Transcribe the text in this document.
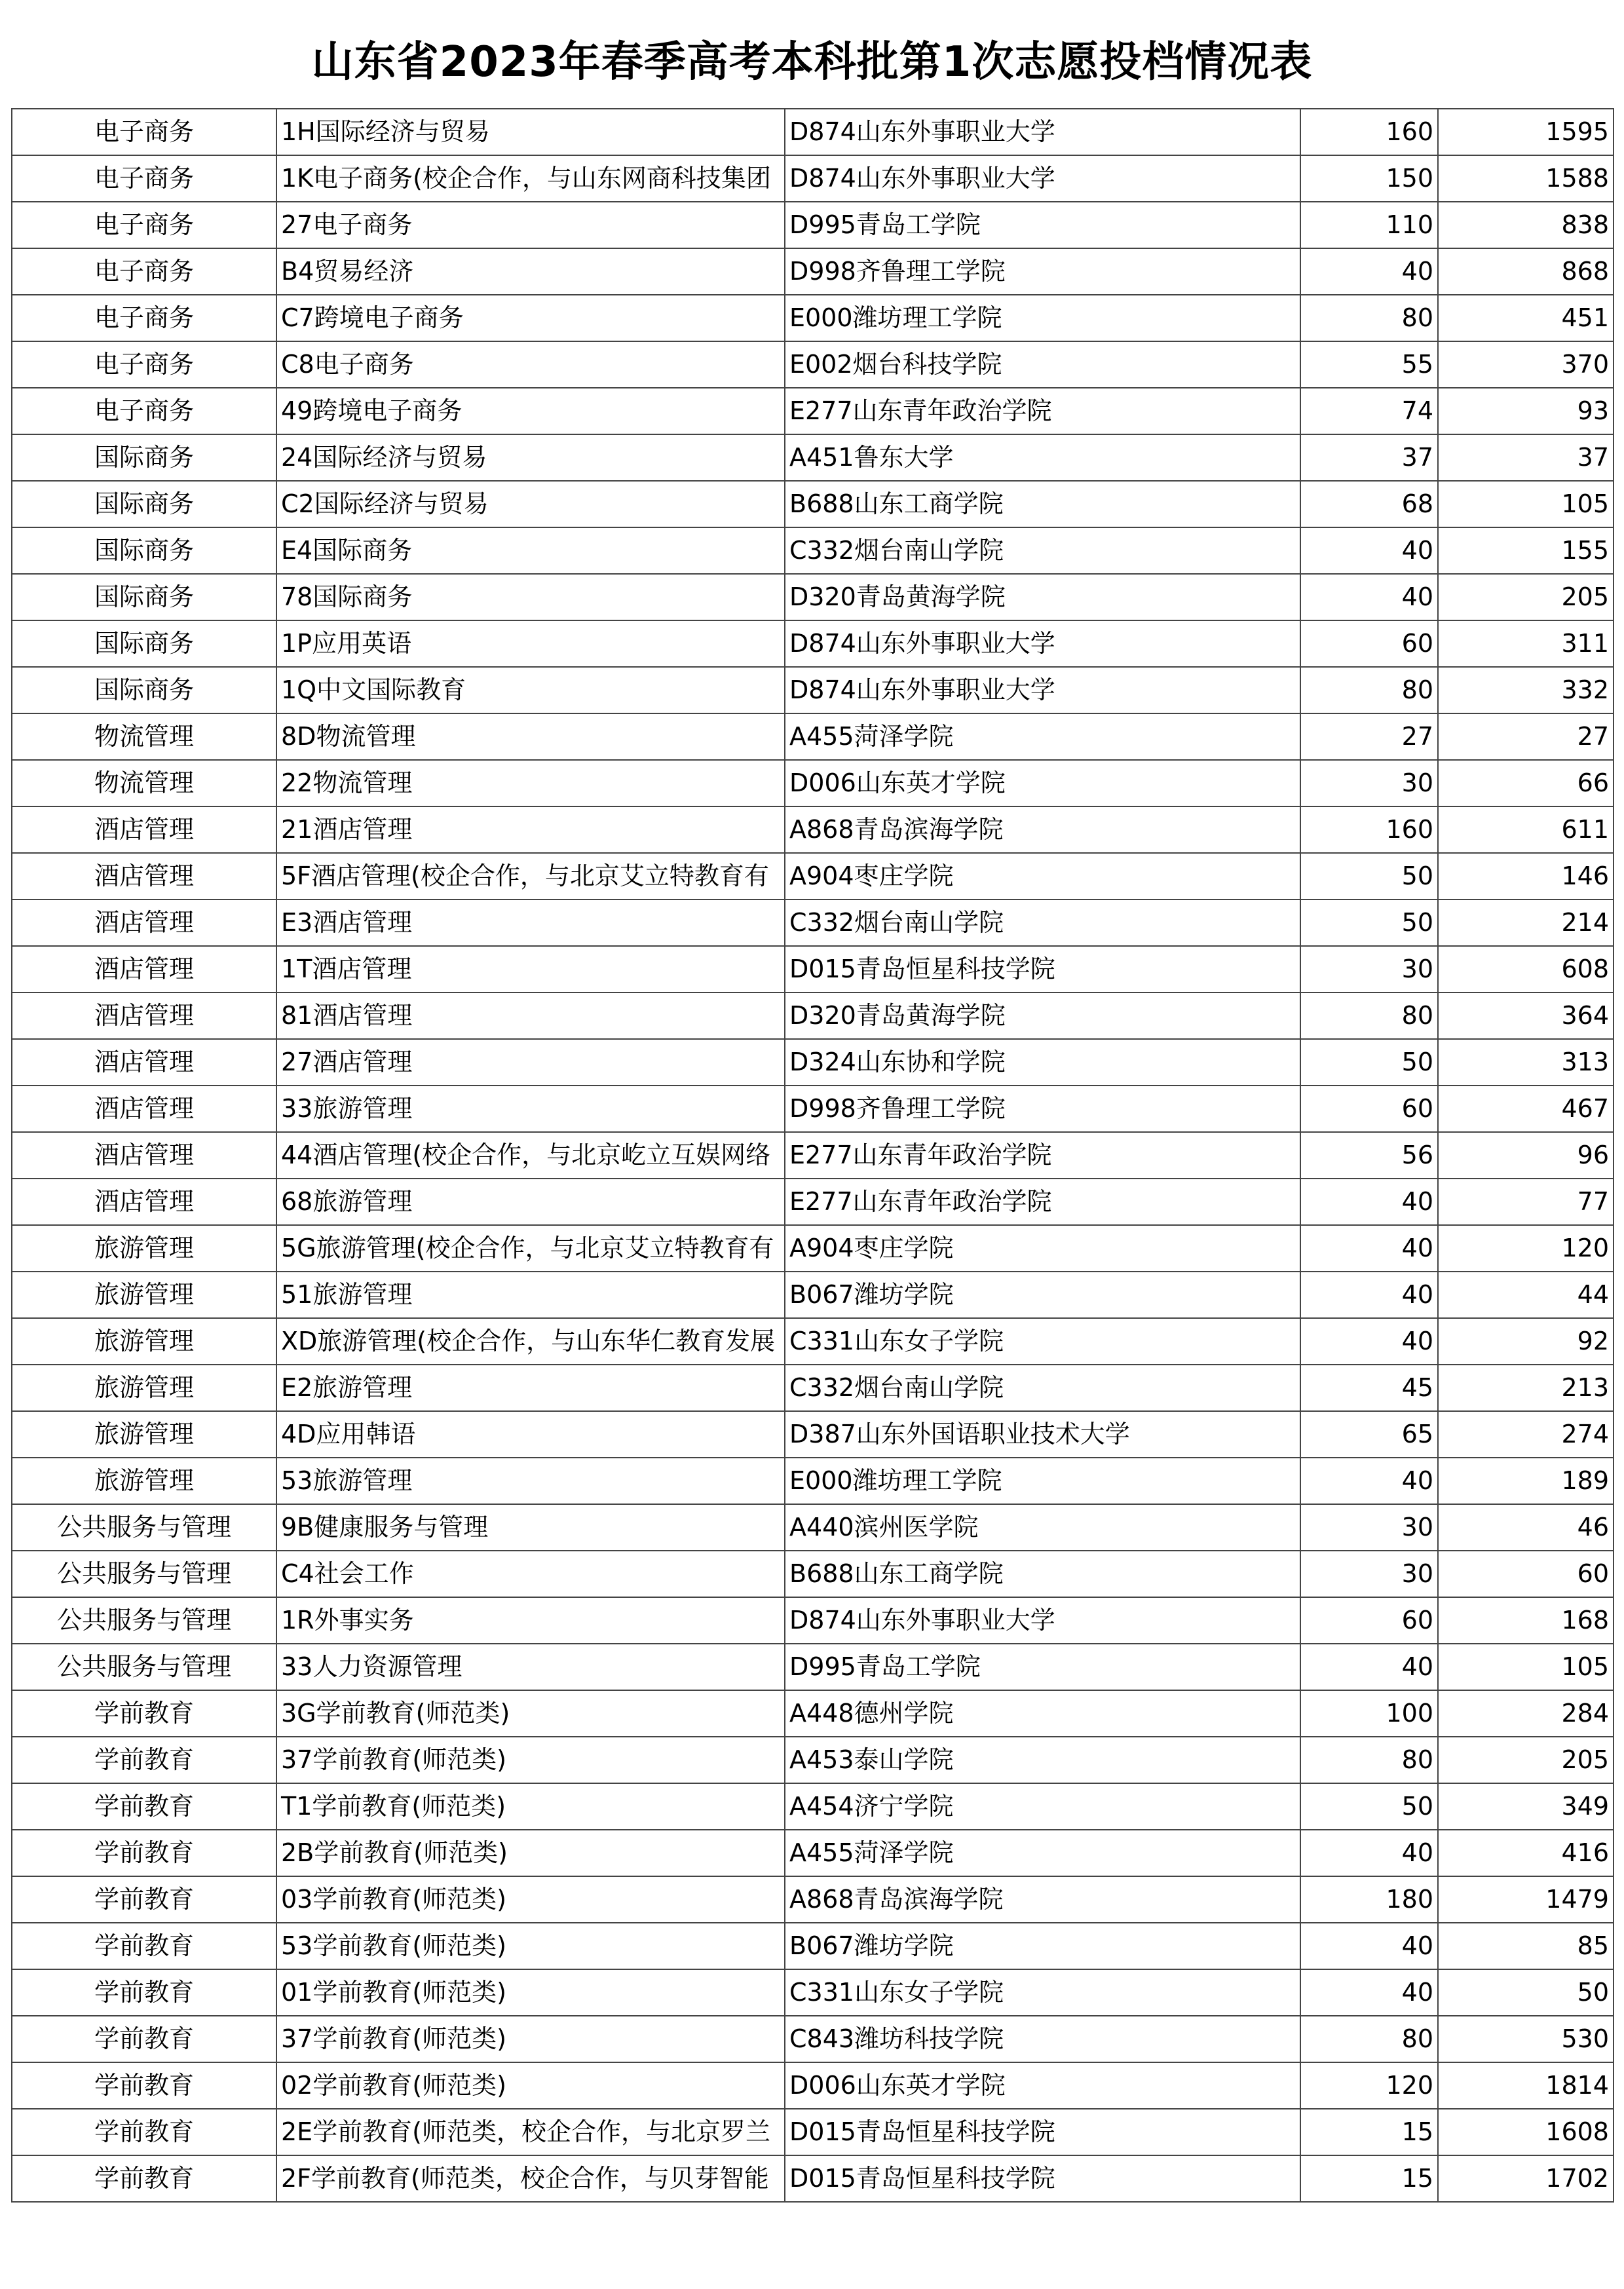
山东省2023年春季高考本科批第1次志愿投档情况表
电子商务	1H国际经济与贸易	D874山东外事职业大学	160	1595
电子商务	1K电子商务(校企合作，与山东网商科技集团	D874山东外事职业大学	150	1588
电子商务	27电子商务	D995青岛工学院	110	838
电子商务	B4贸易经济	D998齐鲁理工学院	40	868
电子商务	C7跨境电子商务	E000潍坊理工学院	80	451
电子商务	C8电子商务	E002烟台科技学院	55	370
电子商务	49跨境电子商务	E277山东青年政治学院	74	93
国际商务	24国际经济与贸易	A451鲁东大学	37	37
国际商务	C2国际经济与贸易	B688山东工商学院	68	105
国际商务	E4国际商务	C332烟台南山学院	40	155
国际商务	78国际商务	D320青岛黄海学院	40	205
国际商务	1P应用英语	D874山东外事职业大学	60	311
国际商务	1Q中文国际教育	D874山东外事职业大学	80	332
物流管理	8D物流管理	A455菏泽学院	27	27
物流管理	22物流管理	D006山东英才学院	30	66
酒店管理	21酒店管理	A868青岛滨海学院	160	611
酒店管理	5F酒店管理(校企合作，与北京艾立特教育有	A904枣庄学院	50	146
酒店管理	E3酒店管理	C332烟台南山学院	50	214
酒店管理	1T酒店管理	D015青岛恒星科技学院	30	608
酒店管理	81酒店管理	D320青岛黄海学院	80	364
酒店管理	27酒店管理	D324山东协和学院	50	313
酒店管理	33旅游管理	D998齐鲁理工学院	60	467
酒店管理	44酒店管理(校企合作，与北京屹立互娱网络	E277山东青年政治学院	56	96
酒店管理	68旅游管理	E277山东青年政治学院	40	77
旅游管理	5G旅游管理(校企合作，与北京艾立特教育有	A904枣庄学院	40	120
旅游管理	51旅游管理	B067潍坊学院	40	44
旅游管理	XD旅游管理(校企合作，与山东华仁教育发展	C331山东女子学院	40	92
旅游管理	E2旅游管理	C332烟台南山学院	45	213
旅游管理	4D应用韩语	D387山东外国语职业技术大学	65	274
旅游管理	53旅游管理	E000潍坊理工学院	40	189
公共服务与管理	9B健康服务与管理	A440滨州医学院	30	46
公共服务与管理	C4社会工作	B688山东工商学院	30	60
公共服务与管理	1R外事实务	D874山东外事职业大学	60	168
公共服务与管理	33人力资源管理	D995青岛工学院	40	105
学前教育	3G学前教育(师范类)	A448德州学院	100	284
学前教育	37学前教育(师范类)	A453泰山学院	80	205
学前教育	T1学前教育(师范类)	A454济宁学院	50	349
学前教育	2B学前教育(师范类)	A455菏泽学院	40	416
学前教育	03学前教育(师范类)	A868青岛滨海学院	180	1479
学前教育	53学前教育(师范类)	B067潍坊学院	40	85
学前教育	01学前教育(师范类)	C331山东女子学院	40	50
学前教育	37学前教育(师范类)	C843潍坊科技学院	80	530
学前教育	02学前教育(师范类)	D006山东英才学院	120	1814
学前教育	2E学前教育(师范类，校企合作，与北京罗兰	D015青岛恒星科技学院	15	1608
学前教育	2F学前教育(师范类，校企合作，与贝芽智能	D015青岛恒星科技学院	15	1702
